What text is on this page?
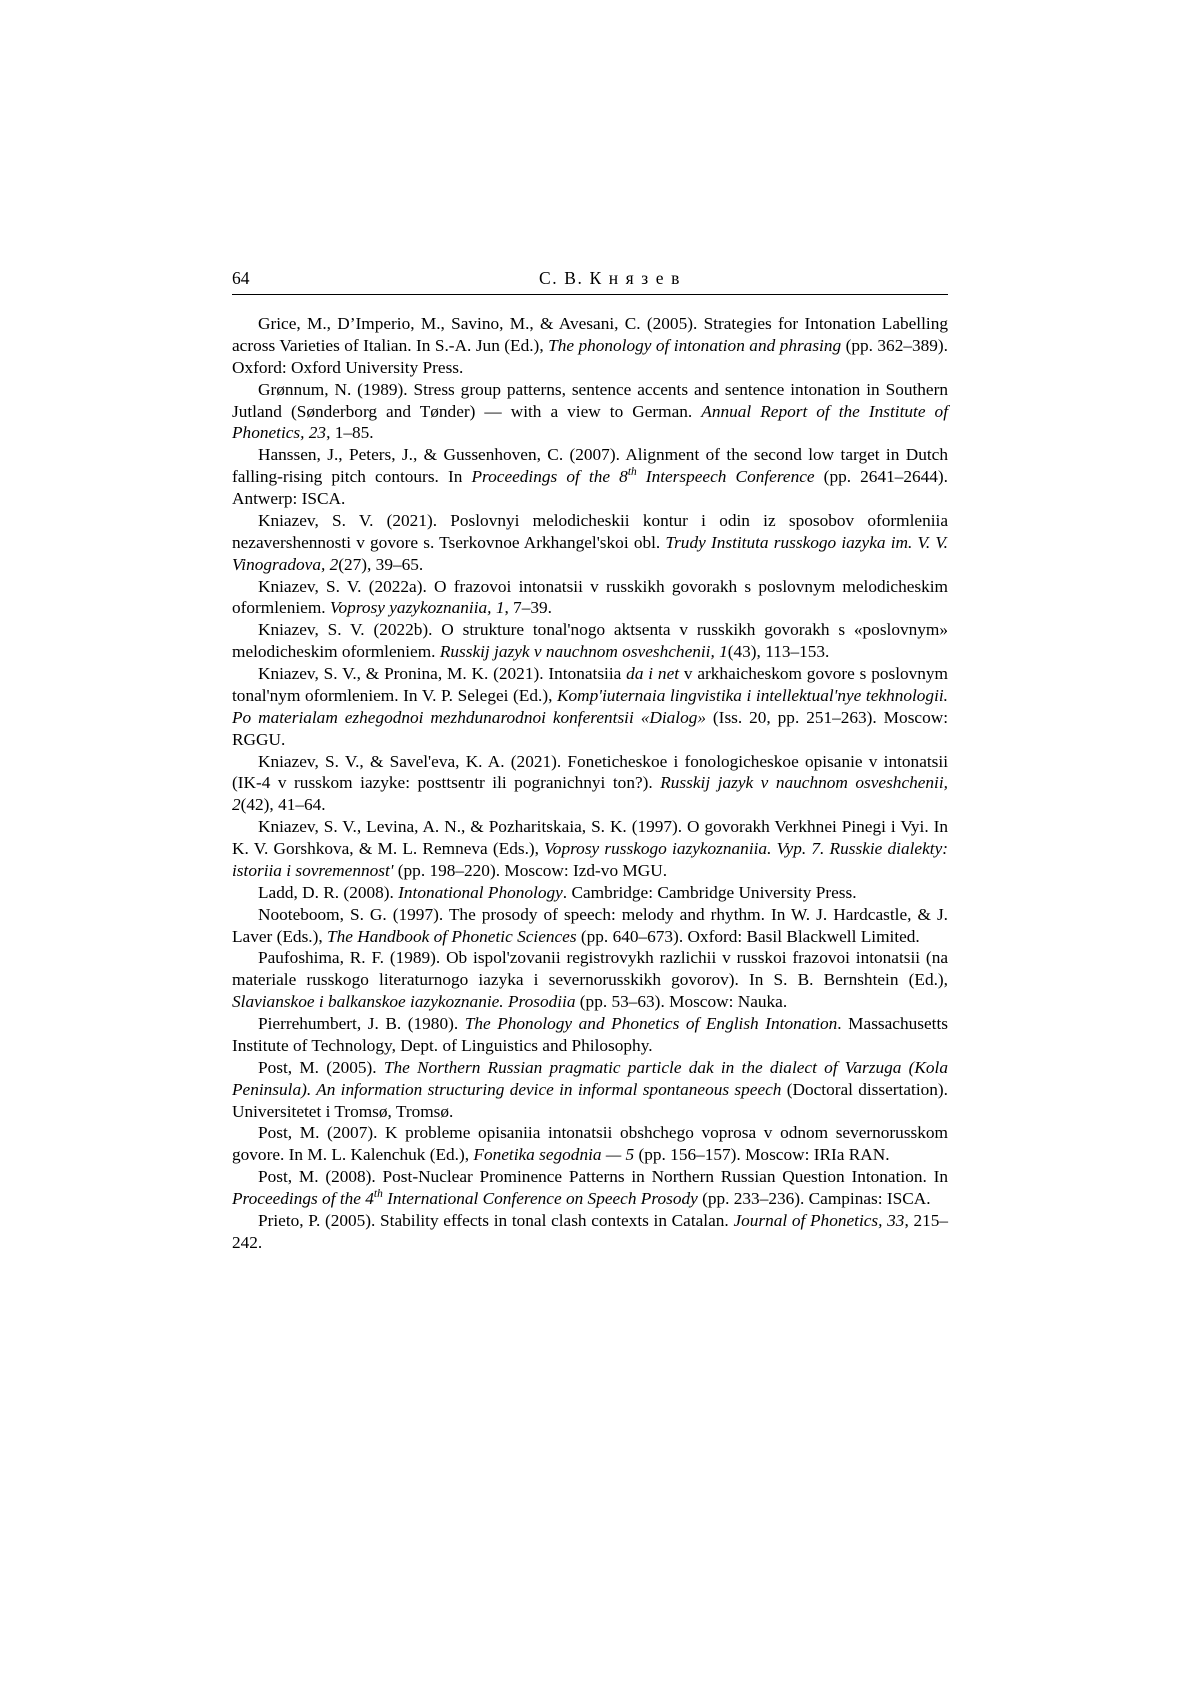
64	С. В. К н я з е в

Grice, M., D’Imperio, M., Savino, M., & Avesani, C. (2005). Strategies for Intonation Labelling across Varieties of Italian. In S.-A. Jun (Ed.), The phonology of intonation and phrasing (pp. 362–389). Oxford: Oxford University Press.

Grønnum, N. (1989). Stress group patterns, sentence accents and sentence intonation in Southern Jutland (Sønderborg and Tønder) — with a view to German. Annual Report of the Institute of Phonetics, 23, 1–85.

Hanssen, J., Peters, J., & Gussenhoven, C. (2007). Alignment of the second low target in Dutch falling-rising pitch contours. In Proceedings of the 8th Interspeech Conference (pp. 2641–2644). Antwerp: ISCA.

Kniazev, S. V. (2021). Poslovnyi melodicheskii kontur i odin iz sposobov oformleniia nezavershennosti v govore s. Tserkovnoe Arkhangel'skoi obl. Trudy Instituta russkogo iazyka im. V. V. Vinogradova, 2(27), 39–65.

Kniazev, S. V. (2022a). O frazovoi intonatsii v russkikh govorakh s poslovnym melodicheskim oformleniem. Voprosy yazykoznaniia, 1, 7–39.

Kniazev, S. V. (2022b). O strukture tonal'nogo aktsenta v russkikh govorakh s «poslovnym» melodicheskim oformleniem. Russkij jazyk v nauchnom osveshchenii, 1(43), 113–153.

Kniazev, S. V., & Pronina, M. K. (2021). Intonatsiia da i net v arkhaicheskom govore s poslovnym tonal'nym oformleniem. In V. P. Selegei (Ed.), Komp'iuternaia lingvistika i intellektual'nye tekhnologii. Po materialam ezhegodnoi mezhdunarodnoi konferentsii «Dialog» (Iss. 20, pp. 251–263). Moscow: RGGU.

Kniazev, S. V., & Savel'eva, K. A. (2021). Foneticheskoe i fonologicheskoe opisanie v intonatsii (IK-4 v russkom iazyke: posttsentr ili pogranichnyi ton?). Russkij jazyk v nauchnom osveshchenii, 2(42), 41–64.

Kniazev, S. V., Levina, A. N., & Pozharitskaia, S. K. (1997). O govorakh Verkhnei Pinegi i Vyi. In K. V. Gorshkova, & M. L. Remneva (Eds.), Voprosy russkogo iazykoznaniia. Vyp. 7. Russkie dialekty: istoriia i sovremennost' (pp. 198–220). Moscow: Izd-vo MGU.

Ladd, D. R. (2008). Intonational Phonology. Cambridge: Cambridge University Press.

Nooteboom, S. G. (1997). The prosody of speech: melody and rhythm. In W. J. Hardcastle, & J. Laver (Eds.), The Handbook of Phonetic Sciences (pp. 640–673). Oxford: Basil Blackwell Limited.

Paufoshima, R. F. (1989). Ob ispol'zovanii registrovykh razlichii v russkoi frazovoi intonatsii (na materiale russkogo literaturnogo iazyka i severnorusskikh govorov). In S. B. Bernshtein (Ed.), Slavianskoe i balkanskoe iazykoznanie. Prosodiia (pp. 53–63). Moscow: Nauka.

Pierrehumbert, J. B. (1980). The Phonology and Phonetics of English Intonation. Massachusetts Institute of Technology, Dept. of Linguistics and Philosophy.

Post, M. (2005). The Northern Russian pragmatic particle dak in the dialect of Varzuga (Kola Peninsula). An information structuring device in informal spontaneous speech (Doctoral dissertation). Universitetet i Tromsø, Tromsø.

Post, M. (2007). K probleme opisaniia intonatsii obshchego voprosa v odnom severnorusskom govore. In M. L. Kalenchuk (Ed.), Fonetika segodnia — 5 (pp. 156–157). Moscow: IRIa RAN.

Post, M. (2008). Post-Nuclear Prominence Patterns in Northern Russian Question Intonation. In Proceedings of the 4th International Conference on Speech Prosody (pp. 233–236). Campinas: ISCA.

Prieto, P. (2005). Stability effects in tonal clash contexts in Catalan. Journal of Phonetics, 33, 215–242.
